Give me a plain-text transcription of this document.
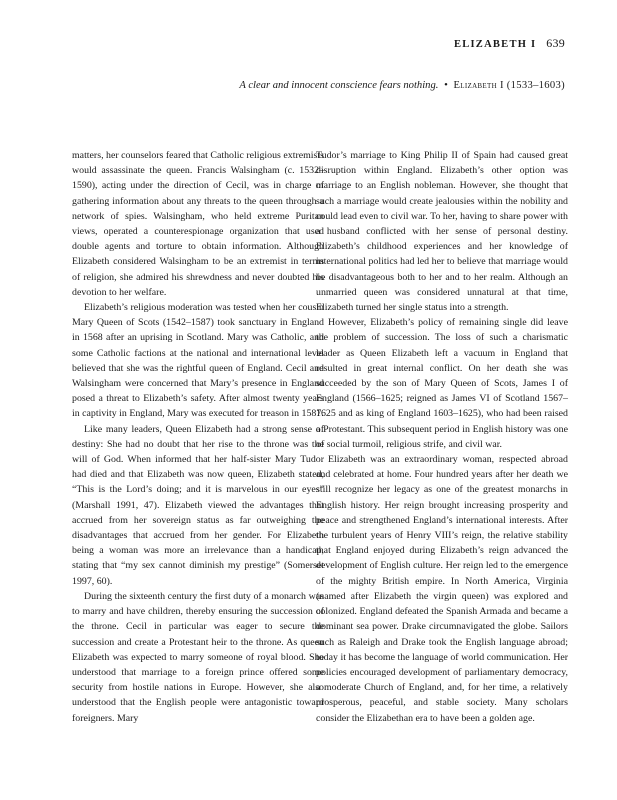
ELIZABETH I 639
A clear and innocent conscience fears nothing. • Elizabeth I (1533–1603)

matters, her counselors feared that Catholic religious extremists would assassinate the queen. Francis Walsingham (c. 1532–1590), acting under the direction of Cecil, was in charge of gathering information about any threats to the queen through a network of spies. Walsingham, who held extreme Puritan views, operated a counterespionage organization that used double agents and torture to obtain information. Although Elizabeth considered Walsingham to be an extremist in terms of religion, she admired his shrewdness and never doubted his devotion to her welfare.

Elizabeth’s religious moderation was tested when her cousin Mary Queen of Scots (1542–1587) took sanctuary in England in 1568 after an uprising in Scotland. Mary was Catholic, and some Catholic factions at the national and international level believed that she was the rightful queen of England. Cecil and Walsingham were concerned that Mary’s presence in England posed a threat to Elizabeth’s safety. After almost twenty years in captivity in England, Mary was executed for treason in 1587.

Like many leaders, Queen Elizabeth had a strong sense of destiny: She had no doubt that her rise to the throne was the will of God. When informed that her half-sister Mary Tudor had died and that Elizabeth was now queen, Elizabeth stated, “This is the Lord’s doing; and it is marvelous in our eyes” (Marshall 1991, 47). Elizabeth viewed the advantages that accrued from her sovereign status as far outweighing the disadvantages that accrued from her gender. For Elizabeth being a woman was more an irrelevance than a handicap, stating that “my sex cannot diminish my prestige” (Somerset 1997, 60).

During the sixteenth century the first duty of a monarch was to marry and have children, thereby ensuring the succession of the throne. Cecil in particular was eager to secure the succession and create a Protestant heir to the throne. As queen Elizabeth was expected to marry someone of royal blood. She understood that marriage to a foreign prince offered some security from hostile nations in Europe. However, she also understood that the English people were antagonistic toward foreigners. Mary

Tudor’s marriage to King Philip II of Spain had caused great disruption within England. Elizabeth’s other option was marriage to an English nobleman. However, she thought that such a marriage would create jealousies within the nobility and could lead even to civil war. To her, having to share power with a husband conflicted with her sense of personal destiny. Elizabeth’s childhood experiences and her knowledge of international politics had led her to believe that marriage would be disadvantageous both to her and to her realm. Although an unmarried queen was considered unnatural at that time, Elizabeth turned her single status into a strength.

However, Elizabeth’s policy of remaining single did leave the problem of succession. The loss of such a charismatic leader as Queen Elizabeth left a vacuum in England that resulted in great internal conflict. On her death she was succeeded by the son of Mary Queen of Scots, James I of England (1566–1625; reigned as James VI of Scotland 1567–1625 and as king of England 1603–1625), who had been raised a Protestant. This subsequent period in English history was one of social turmoil, religious strife, and civil war.

Elizabeth was an extraordinary woman, respected abroad and celebrated at home. Four hundred years after her death we still recognize her legacy as one of the greatest monarchs in English history. Her reign brought increasing prosperity and peace and strengthened England’s international interests. After the turbulent years of Henry VIII’s reign, the relative stability that England enjoyed during Elizabeth’s reign advanced the development of English culture. Her reign led to the emergence of the mighty British empire. In North America, Virginia (named after Elizabeth the virgin queen) was explored and colonized. England defeated the Spanish Armada and became a dominant sea power. Drake circumnavigated the globe. Sailors such as Raleigh and Drake took the English language abroad; today it has become the language of world communication. Her policies encouraged development of parliamentary democracy, a moderate Church of England, and, for her time, a relatively prosperous, peaceful, and stable society. Many scholars consider the Elizabethan era to have been a golden age.
